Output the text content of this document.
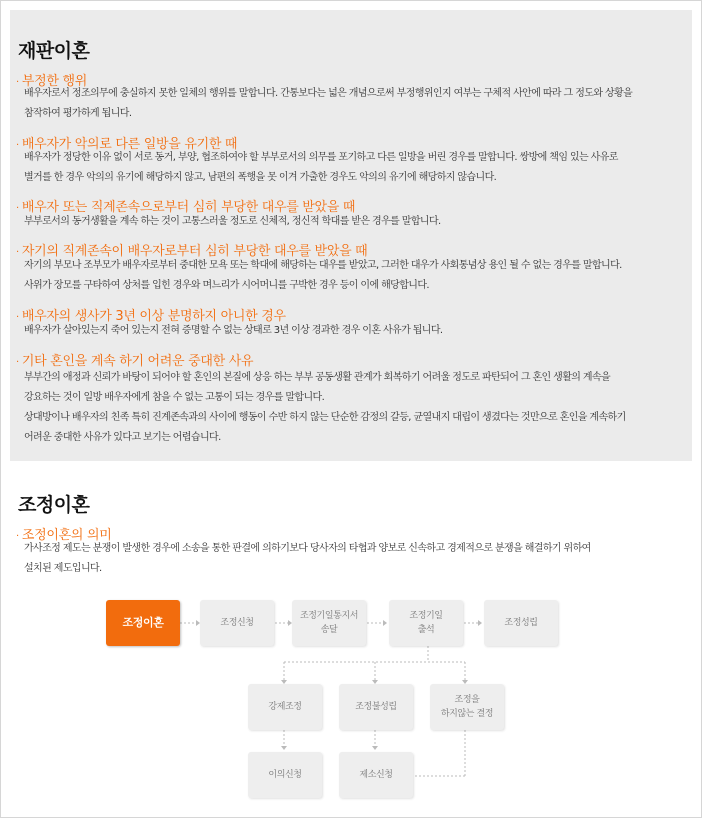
재판이혼
· 부정한 행위

배우자로서 정조의무에 충실하지 못한 일체의 행위를 말합니다. 간통보다는 넓은 개념으로써 부정행위인지 여부는 구체적 사안에 따라 그 정도와 상황을

참작하여 평가하게 됩니다.

· 배우자가 악의로 다른 일방을 유기한 때

배우자가 정당한 이유 없이 서로 동거, 부양, 협조하여야 할 부부로서의 의무를 포기하고 다른 일방을 버린 경우를 말합니다. 쌍방에 책임 있는 사유로

별거를 한 경우 악의의 유기에 해당하지 않고, 남편의 폭행을 못 이겨 가출한 경우도 악의의 유기에 해당하지 않습니다.

· 배우자 또는 직계존속으로부터 심히 부당한 대우를 받았을 때

부부로서의 동거생활을 계속 하는 것이 고통스러울 정도로 신체적, 정신적 학대를 받은 경우를 말합니다.

· 자기의 직계존속이 배우자로부터 심히 부당한 대우를 받았을 때

자기의 부모나 조부모가 배우자로부터 중대한 모욕 또는 학대에 해당하는 대우를 받았고, 그러한 대우가 사회통념상 용인 될 수 없는 경우를 말합니다.

사위가 장모를 구타하여 상처를 입힌 경우와 며느리가 시어머니를 구박한 경우 등이 이에 해당합니다.

· 배우자의 생사가 3년 이상 분명하지 아니한 경우

배우자가 살아있는지 죽어 있는지 전혀 증명할 수 없는 상태로 3년 이상 경과한 경우 이혼 사유가 됩니다.

· 기타 혼인을 계속 하기 어려운 중대한 사유

부부간의 애정과 신뢰가 바탕이 되어야 할 혼인의 본질에 상응 하는 부부 공동생활 관계가 회복하기 어려울 정도로 파탄되어 그 혼인 생활의 계속을

강요하는 것이 일방 배우자에게 참을 수 없는 고통이 되는 경우를 말합니다.

상대방이나 배우자의 친족 특히 진계존속과의 사이에 행동이 수반 하지 않는 단순한 감정의 갈등, 균열내지 대립이 생겼다는 것만으로 혼인을 계속하기

어려운 중대한 사유가 있다고 보기는 어렵습니다.

조정이혼
· 조정이혼의 의미

가사조정 제도는 분쟁이 발생한 경우에 소송을 통한 판결에 의하기보다 당사자의 타협과 양보로 신속하고 경제적으로 분쟁을 해결하기 위하여

설치된 제도입니다.

조정이혼	조정신청
조정기일통지서
송달
조정기일
출석
조정성립
강제조정	조정불성립
조정을
하지않는 결정
이의신청	제소신청
